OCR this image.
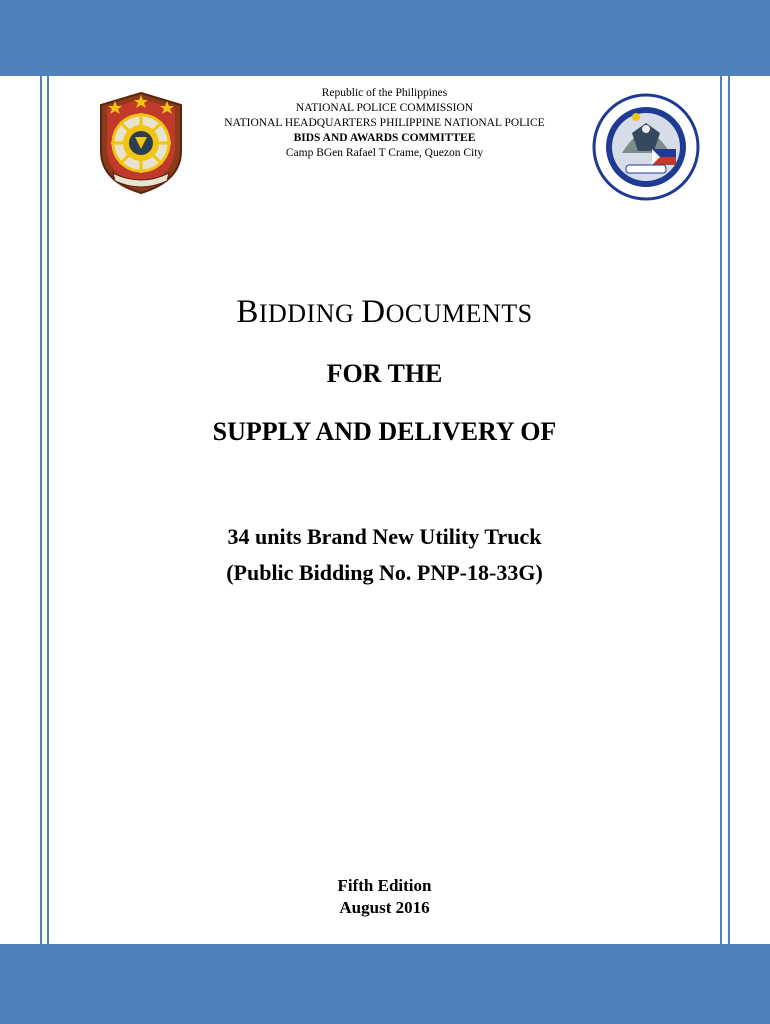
Republic of the Philippines
NATIONAL POLICE COMMISSION
NATIONAL HEADQUARTERS PHILIPPINE NATIONAL POLICE
BIDS AND AWARDS COMMITTEE
Camp BGen Rafael T Crame, Quezon City
BIDDING DOCUMENTS
FOR THE
SUPPLY AND DELIVERY OF
34 units Brand New Utility Truck
(Public Bidding No. PNP-18-33G)
Fifth Edition
August 2016
